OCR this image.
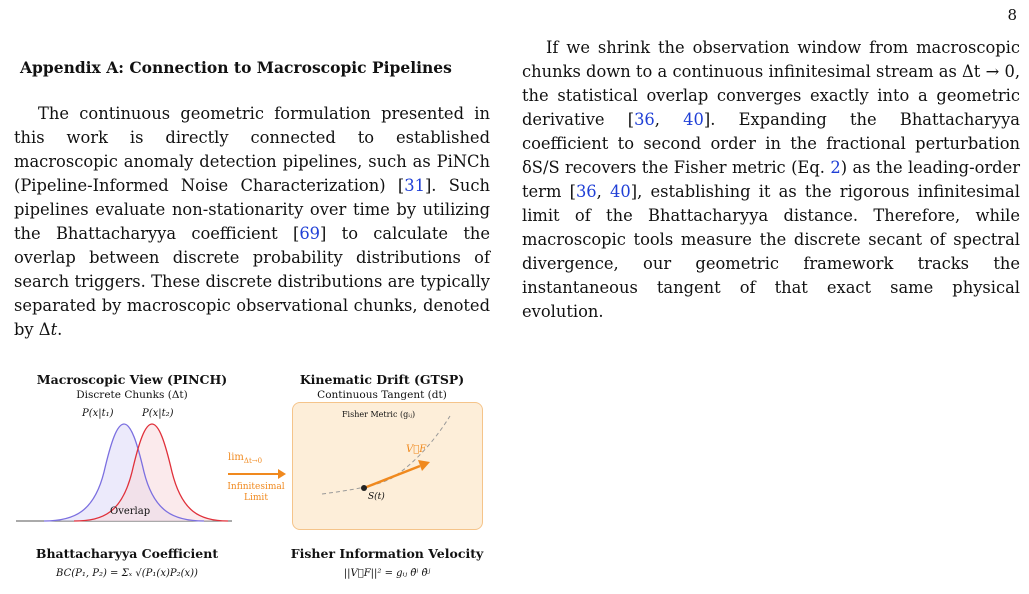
8
Appendix A: Connection to Macroscopic Pipelines

The continuous geometric formulation presented in this work is directly connected to established macroscopic anomaly detection pipelines, such as PiNCh (Pipeline-Informed Noise Characterization) [31]. Such pipelines evaluate non-stationarity over time by utilizing the Bhattacharyya coefficient [69] to calculate the overlap between discrete probability distributions of search triggers. These discrete distributions are typically separated by macroscopic observational chunks, denoted by Δt.

If we shrink the observation window from macroscopic chunks down to a continuous infinitesimal stream as Δt → 0, the statistical overlap converges exactly into a geometric derivative [36, 40]. Expanding the Bhattacharyya coefficient to second order in the fractional perturbation δS/S recovers the Fisher metric (Eq. 2) as the leading-order term [36, 40], establishing it as the rigorous infinitesimal limit of the Bhattacharyya distance. Therefore, while macroscopic tools measure the discrete secant of spectral divergence, our geometric framework tracks the instantaneous tangent of that exact same physical evolution.

Macroscopic View (PINCH)
Discrete Chunks (Δt)
Kinematic Drift (GTSP)
Continuous Tangent (dt)
P(x|t₁)	P(x|t₂)
Overlap
$\lim_{\Delta t\to 0}$
Infinitesimal
Limit
Fisher Metric (gᵢⱼ)
V⃗F
S(t)
Bhattacharyya Coefficient
BC(P₁, P₂) = Σₓ √(P₁(x)P₂(x))
Fisher Information Velocity
||V⃗F||² = gᵢⱼ θ̇ⁱ θ̇ʲ
